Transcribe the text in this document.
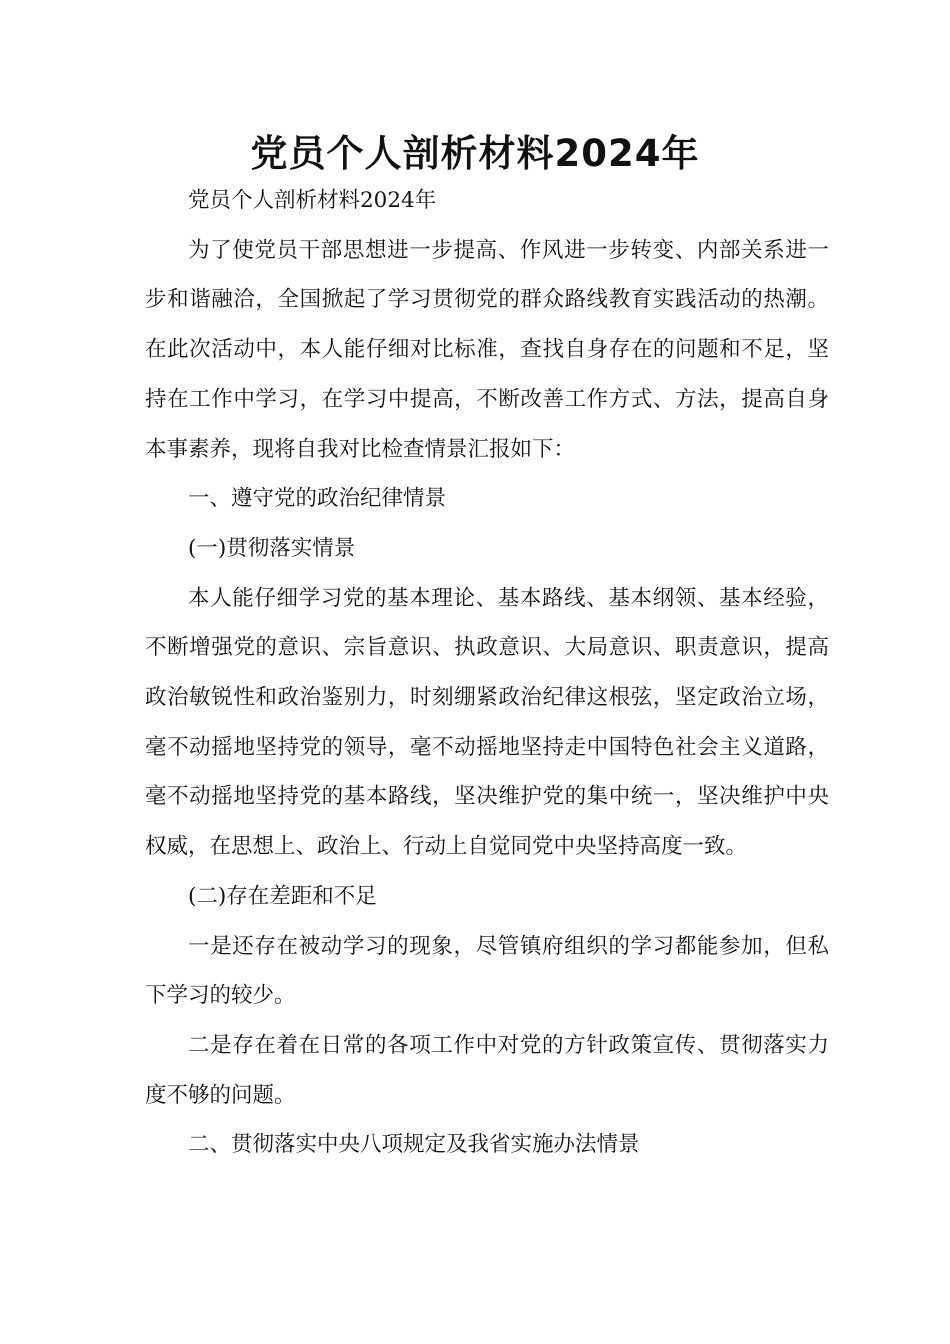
党员个人剖析材料2024年

党员个人剖析材料2024年

为了使党员干部思想进一步提高、作风进一步转变、内部关系进一步和谐融洽，全国掀起了学习贯彻党的群众路线教育实践活动的热潮。在此次活动中，本人能仔细对比标准，查找自身存在的问题和不足，坚持在工作中学习，在学习中提高，不断改善工作方式、方法，提高自身本事素养，现将自我对比检查情景汇报如下：

一、遵守党的政治纪律情景

(一)贯彻落实情景

本人能仔细学习党的基本理论、基本路线、基本纲领、基本经验，不断增强党的意识、宗旨意识、执政意识、大局意识、职责意识，提高政治敏锐性和政治鉴别力，时刻绷紧政治纪律这根弦，坚定政治立场，毫不动摇地坚持党的领导，毫不动摇地坚持走中国特色社会主义道路，毫不动摇地坚持党的基本路线，坚决维护党的集中统一，坚决维护中央权威，在思想上、政治上、行动上自觉同党中央坚持高度一致。

(二)存在差距和不足

一是还存在被动学习的现象，尽管镇府组织的学习都能参加，但私下学习的较少。

二是存在着在日常的各项工作中对党的方针政策宣传、贯彻落实力度不够的问题。

二、贯彻落实中央八项规定及我省实施办法情景
